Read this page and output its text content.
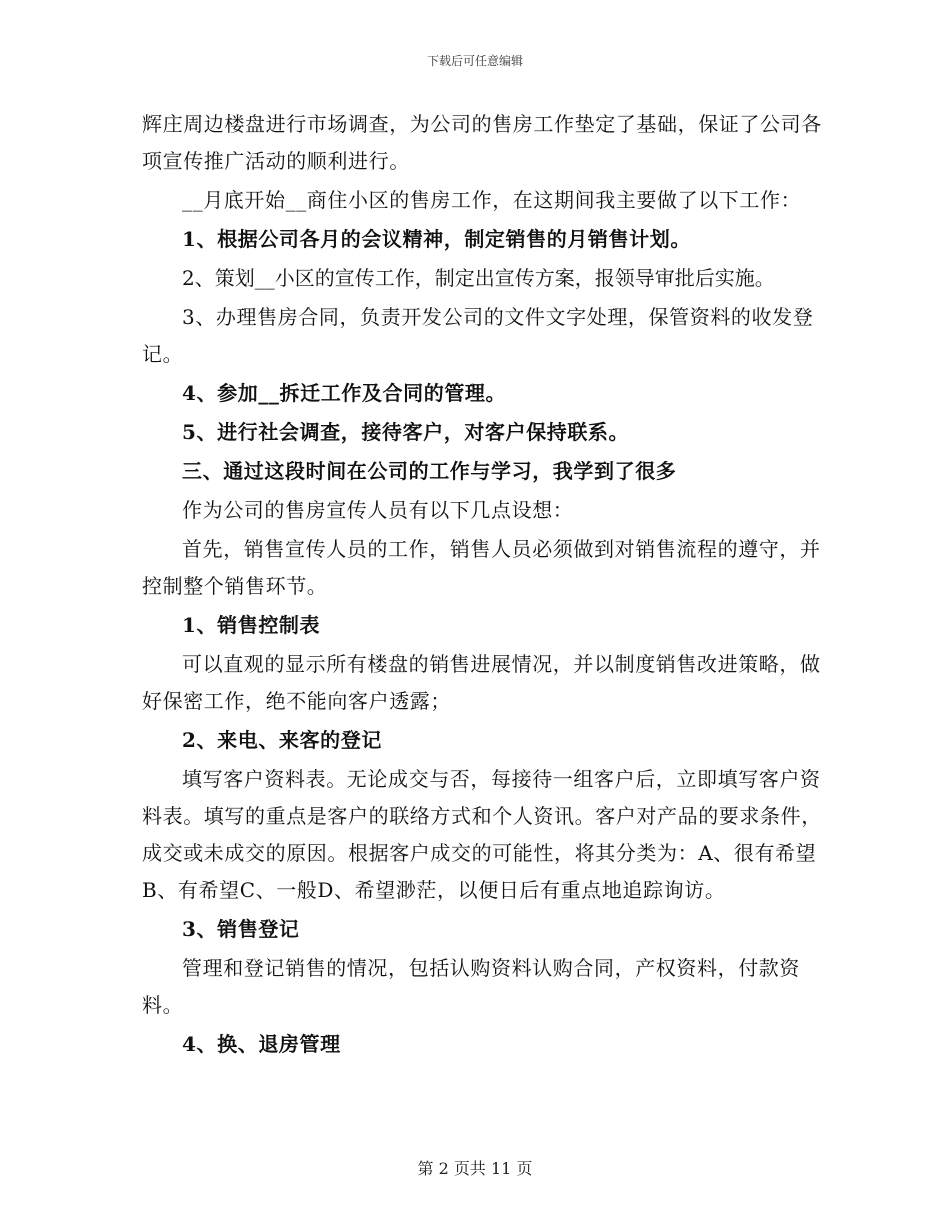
下载后可任意编辑

辉庄周边楼盘进行市场调查，为公司的售房工作垫定了基础，保证了公司各项宣传推广活动的顺利进行。

__月底开始__商住小区的售房工作，在这期间我主要做了以下工作：

1、根据公司各月的会议精神，制定销售的月销售计划。

2、策划__小区的宣传工作，制定出宣传方案，报领导审批后实施。

3、办理售房合同，负责开发公司的文件文字处理，保管资料的收发登记。

4、参加__拆迁工作及合同的管理。

5、进行社会调查，接待客户，对客户保持联系。

三、通过这段时间在公司的工作与学习，我学到了很多

作为公司的售房宣传人员有以下几点设想：

首先，销售宣传人员的工作，销售人员必须做到对销售流程的遵守，并控制整个销售环节。

1、销售控制表

可以直观的显示所有楼盘的销售进展情况，并以制度销售改进策略，做好保密工作，绝不能向客户透露；

2、来电、来客的登记

填写客户资料表。无论成交与否，每接待一组客户后，立即填写客户资料表。填写的重点是客户的联络方式和个人资讯。客户对产品的要求条件，成交或未成交的原因。根据客户成交的可能性，将其分类为：A、很有希望B、有希望C、一般D、希望渺茫，以便日后有重点地追踪询访。

3、销售登记

管理和登记销售的情况，包括认购资料认购合同，产权资料，付款资料。

4、换、退房管理

第 2 页共 11 页
